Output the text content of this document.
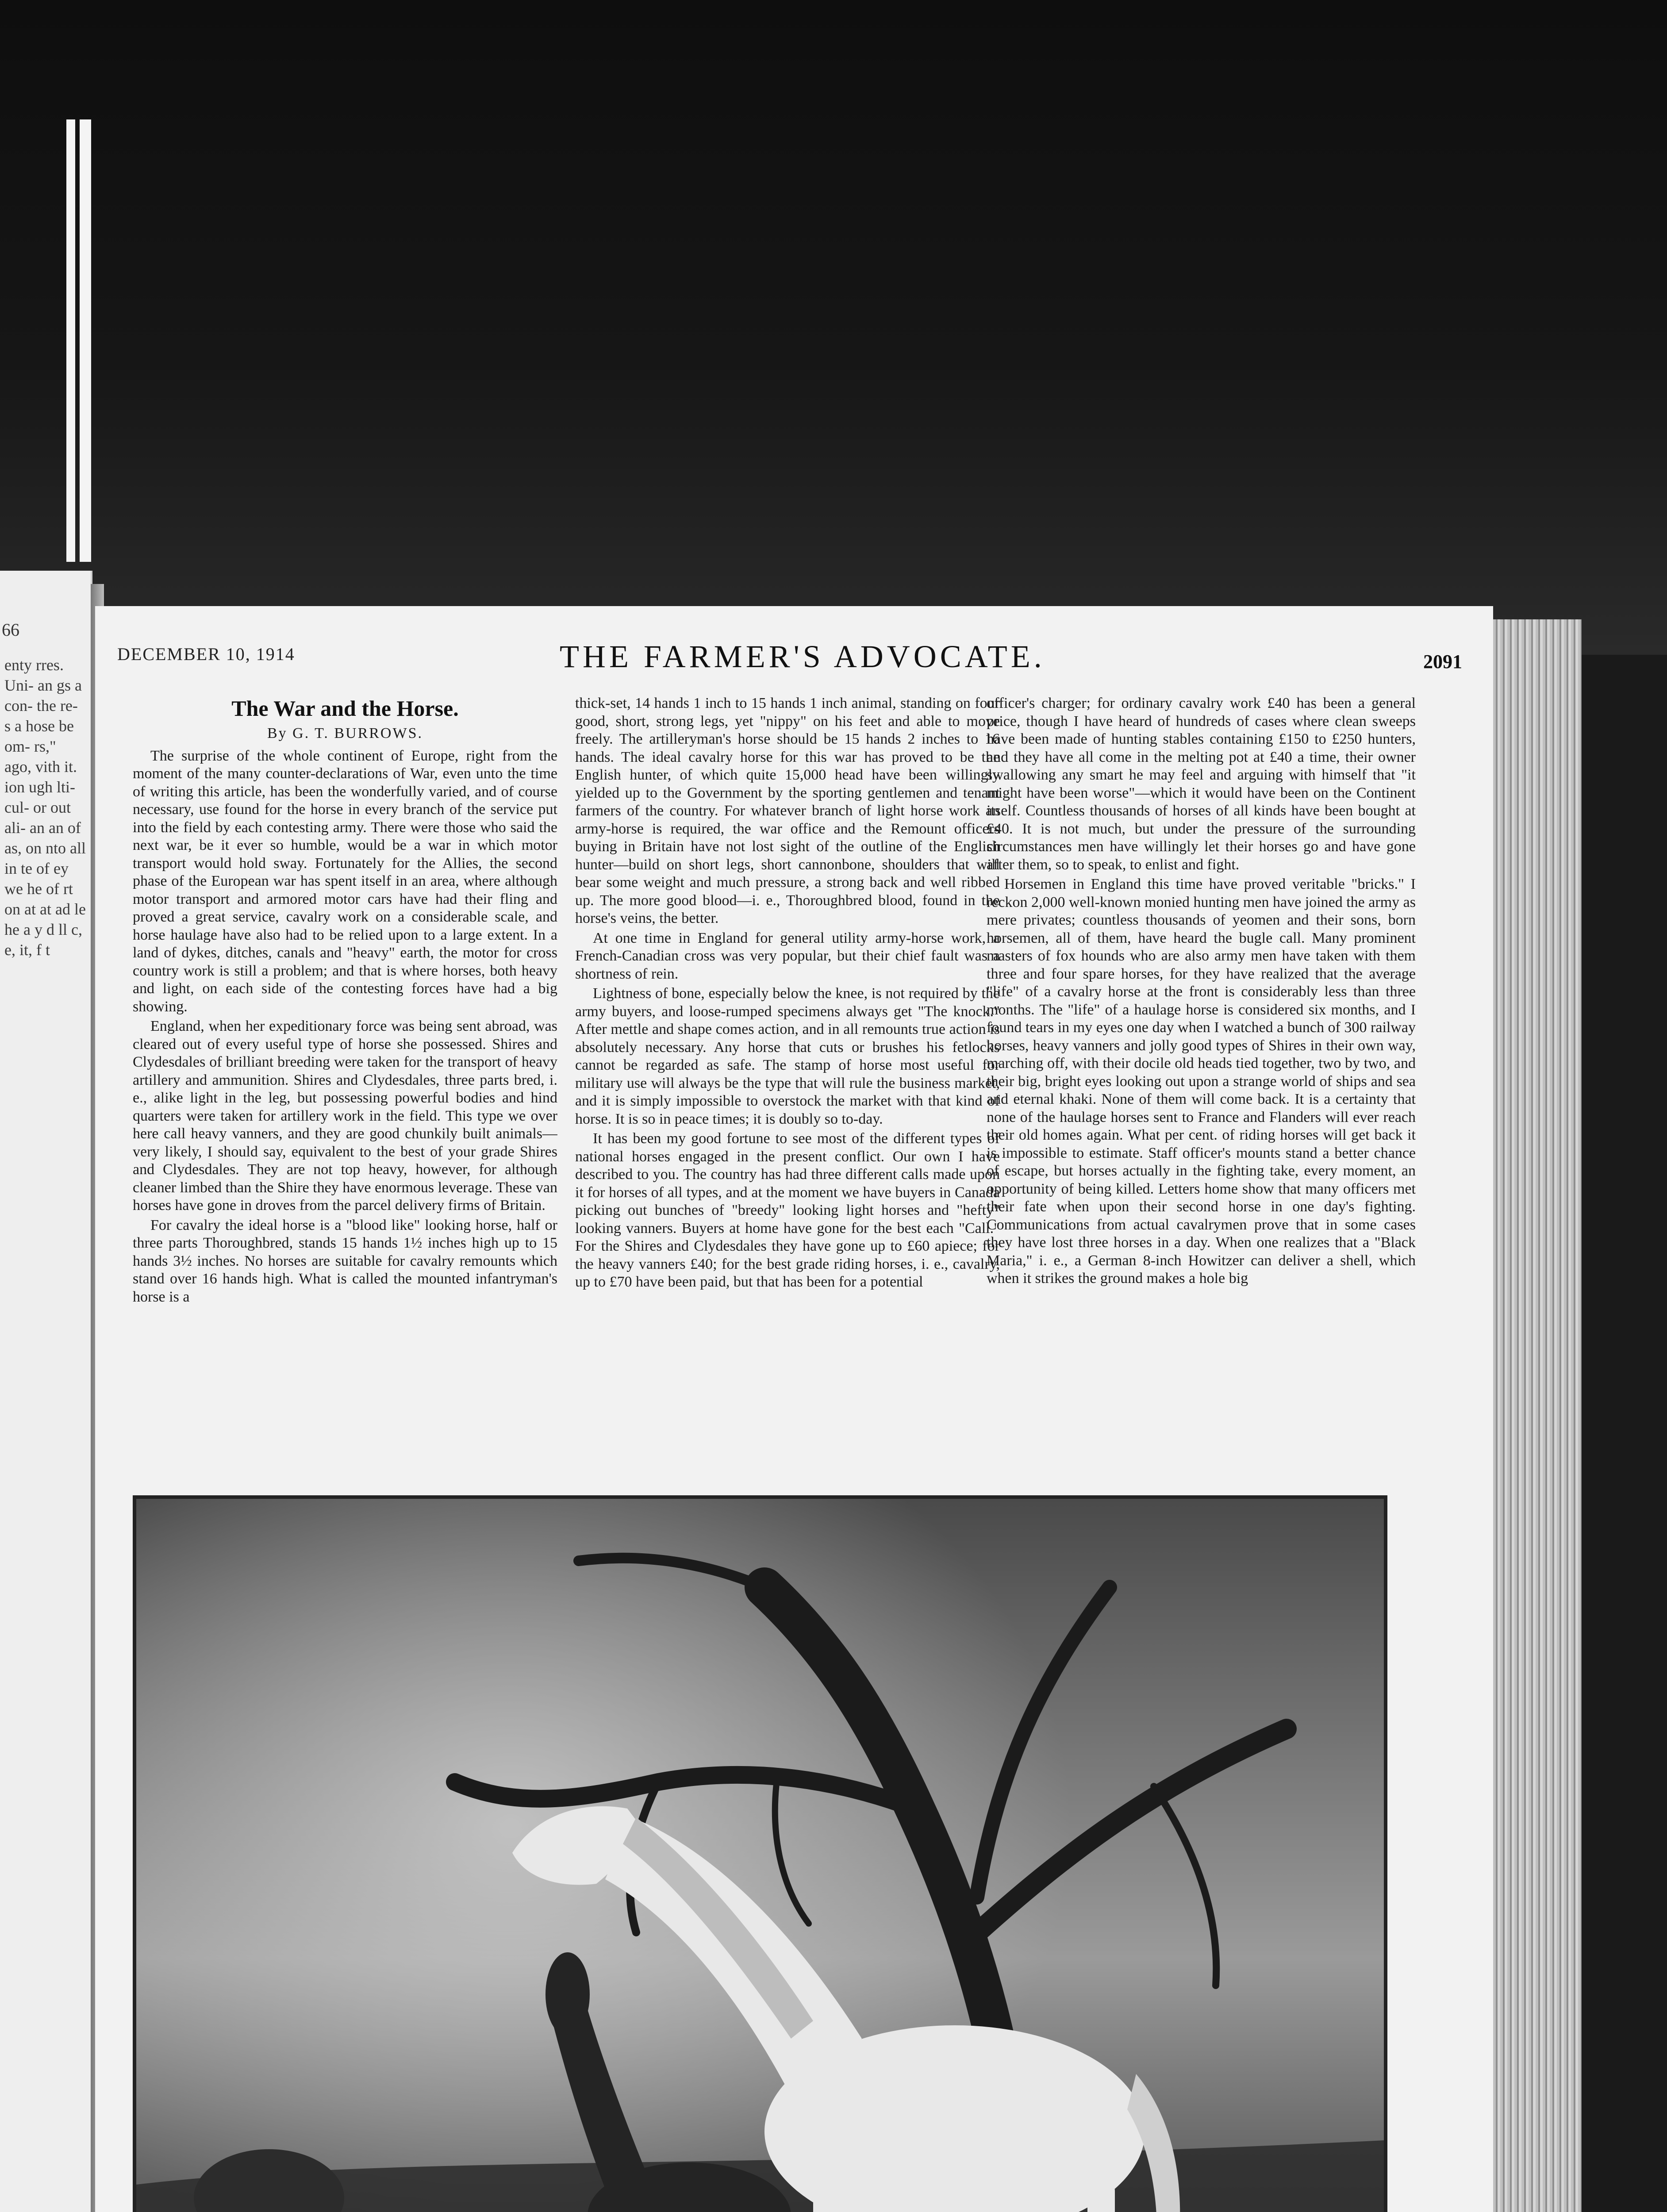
66
enty rres. Uni- an gs a con- the re- s a hose be om- rs," ago, vith it. ion ugh lti- cul- or out ali- an an of as, on nto all in te of ey we he of rt on at at ad le he a y d ll c, e, it, f t
DECEMBER 10, 1914	THE FARMER'S ADVOCATE.	2091
The War and the Horse.
By G. T. BURROWS.

The surprise of the whole continent of Europe, right from the moment of the many counter-declarations of War, even unto the time of writing this article, has been the wonderfully varied, and of course necessary, use found for the horse in every branch of the service put into the field by each contesting army. There were those who said the next war, be it ever so humble, would be a war in which motor transport would hold sway. Fortunately for the Allies, the second phase of the European war has spent itself in an area, where although motor transport and armored motor cars have had their fling and proved a great service, cavalry work on a considerable scale, and horse haulage have also had to be relied upon to a large extent. In a land of dykes, ditches, canals and "heavy" earth, the motor for cross country work is still a problem; and that is where horses, both heavy and light, on each side of the contesting forces have had a big showing.

England, when her expeditionary force was being sent abroad, was cleared out of every useful type of horse she possessed. Shires and Clydesdales of brilliant breeding were taken for the transport of heavy artillery and ammunition. Shires and Clydesdales, three parts bred, i. e., alike light in the leg, but possessing powerful bodies and hind quarters were taken for artillery work in the field. This type we over here call heavy vanners, and they are good chunkily built animals—very likely, I should say, equivalent to the best of your grade Shires and Clydesdales. They are not top heavy, however, for although cleaner limbed than the Shire they have enormous leverage. These van horses have gone in droves from the parcel delivery firms of Britain.

For cavalry the ideal horse is a "blood like" looking horse, half or three parts Thoroughbred, stands 15 hands 1½ inches high up to 15 hands 3½ inches. No horses are suitable for cavalry remounts which stand over 16 hands high. What is called the mounted infantryman's horse is a

thick-set, 14 hands 1 inch to 15 hands 1 inch animal, standing on four good, short, strong legs, yet "nippy" on his feet and able to move freely. The artilleryman's horse should be 15 hands 2 inches to 16 hands. The ideal cavalry horse for this war has proved to be the English hunter, of which quite 15,000 head have been willingly yielded up to the Government by the sporting gentlemen and tenant farmers of the country. For whatever branch of light horse work an army-horse is required, the war office and the Remount officers buying in Britain have not lost sight of the outline of the English hunter—build on short legs, short cannonbone, shoulders that will bear some weight and much pressure, a strong back and well ribbed up. The more good blood—i. e., Thoroughbred blood, found in the horse's veins, the better.

At one time in England for general utility army-horse work, a French-Canadian cross was very popular, but their chief fault was a shortness of rein.

Lightness of bone, especially below the knee, is not required by the army buyers, and loose-rumped specimens always get "The knock." After mettle and shape comes action, and in all remounts true action is absolutely necessary. Any horse that cuts or brushes his fetlocks cannot be regarded as safe. The stamp of horse most useful for military use will always be the type that will rule the business market, and it is simply impossible to overstock the market with that kind of horse. It is so in peace times; it is doubly so to-day.

It has been my good fortune to see most of the different types of national horses engaged in the present conflict. Our own I have described to you. The country has had three different calls made upon it for horses of all types, and at the moment we have buyers in Canada picking out bunches of "breedy" looking light horses and "hefty" looking vanners. Buyers at home have gone for the best each "Call." For the Shires and Clydesdales they have gone up to £60 apiece; for the heavy vanners £40; for the best grade riding horses, i. e., cavalry, up to £70 have been paid, but that has been for a potential

officer's charger; for ordinary cavalry work £40 has been a general price, though I have heard of hundreds of cases where clean sweeps have been made of hunting stables containing £150 to £250 hunters, and they have all come in the melting pot at £40 a time, their owner swallowing any smart he may feel and arguing with himself that "it might have been worse"—which it would have been on the Continent itself. Countless thousands of horses of all kinds have been bought at £40. It is not much, but under the pressure of the surrounding circumstances men have willingly let their horses go and have gone after them, so to speak, to enlist and fight.

Horsemen in England this time have proved veritable "bricks." I reckon 2,000 well-known monied hunting men have joined the army as mere privates; countless thousands of yeomen and their sons, born horsemen, all of them, have heard the bugle call. Many prominent masters of fox hounds who are also army men have taken with them three and four spare horses, for they have realized that the average "life" of a cavalry horse at the front is considerably less than three months. The "life" of a haulage horse is considered six months, and I found tears in my eyes one day when I watched a bunch of 300 railway horses, heavy vanners and jolly good types of Shires in their own way, marching off, with their docile old heads tied together, two by two, and their big, bright eyes looking out upon a strange world of ships and sea and eternal khaki. None of them will come back. It is a certainty that none of the haulage horses sent to France and Flanders will ever reach their old homes again. What per cent. of riding horses will get back it is impossible to estimate. Staff officer's mounts stand a better chance of escape, but horses actually in the fighting take, every moment, an opportunity of being killed. Letters home show that many officers met their fate when upon their second horse in one day's fighting. Communications from actual cavalrymen prove that in some cases they have lost three horses in a day. When one realizes that a "Black Maria," i. e., a German 8-inch Howitzer can deliver a shell, which when it strikes the ground makes a hole big
